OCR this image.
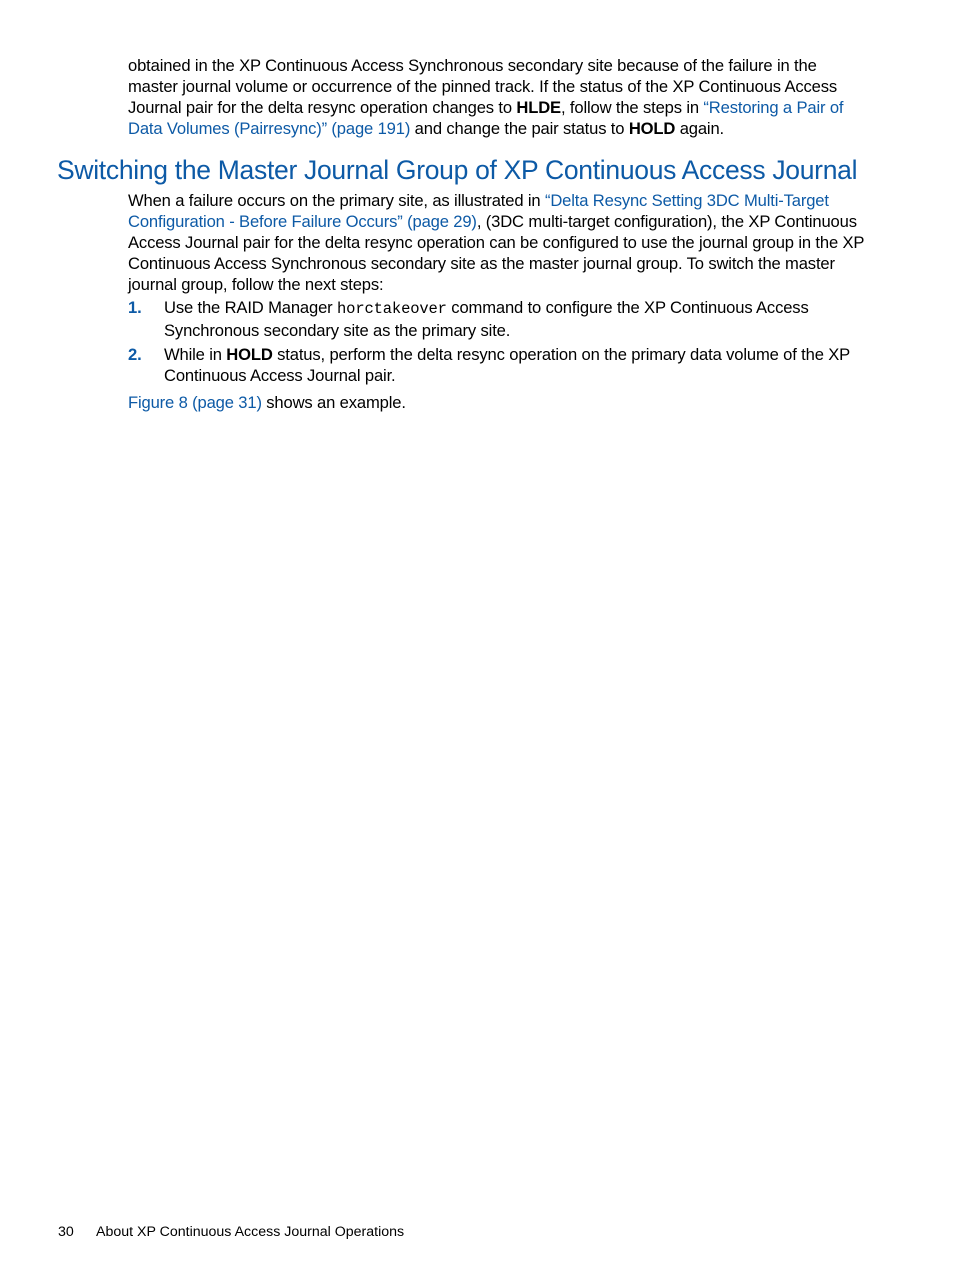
obtained in the XP Continuous Access Synchronous secondary site because of the failure in the master journal volume or occurrence of the pinned track. If the status of the XP Continuous Access Journal pair for the delta resync operation changes to HLDE, follow the steps in “Restoring a Pair of Data Volumes (Pairresync)” (page 191) and change the pair status to HOLD again.

Switching the Master Journal Group of XP Continuous Access Journal

When a failure occurs on the primary site, as illustrated in “Delta Resync Setting 3DC Multi-Target Configuration - Before Failure Occurs” (page 29), (3DC multi-target configuration), the XP Continuous Access Journal pair for the delta resync operation can be configured to use the journal group in the XP Continuous Access Synchronous secondary site as the master journal group. To switch the master journal group, follow the next steps:

1. Use the RAID Manager horctakeover command to configure the XP Continuous Access Synchronous secondary site as the primary site.
2. While in HOLD status, perform the delta resync operation on the primary data volume of the XP Continuous Access Journal pair.

Figure 8 (page 31) shows an example.

30 About XP Continuous Access Journal Operations
